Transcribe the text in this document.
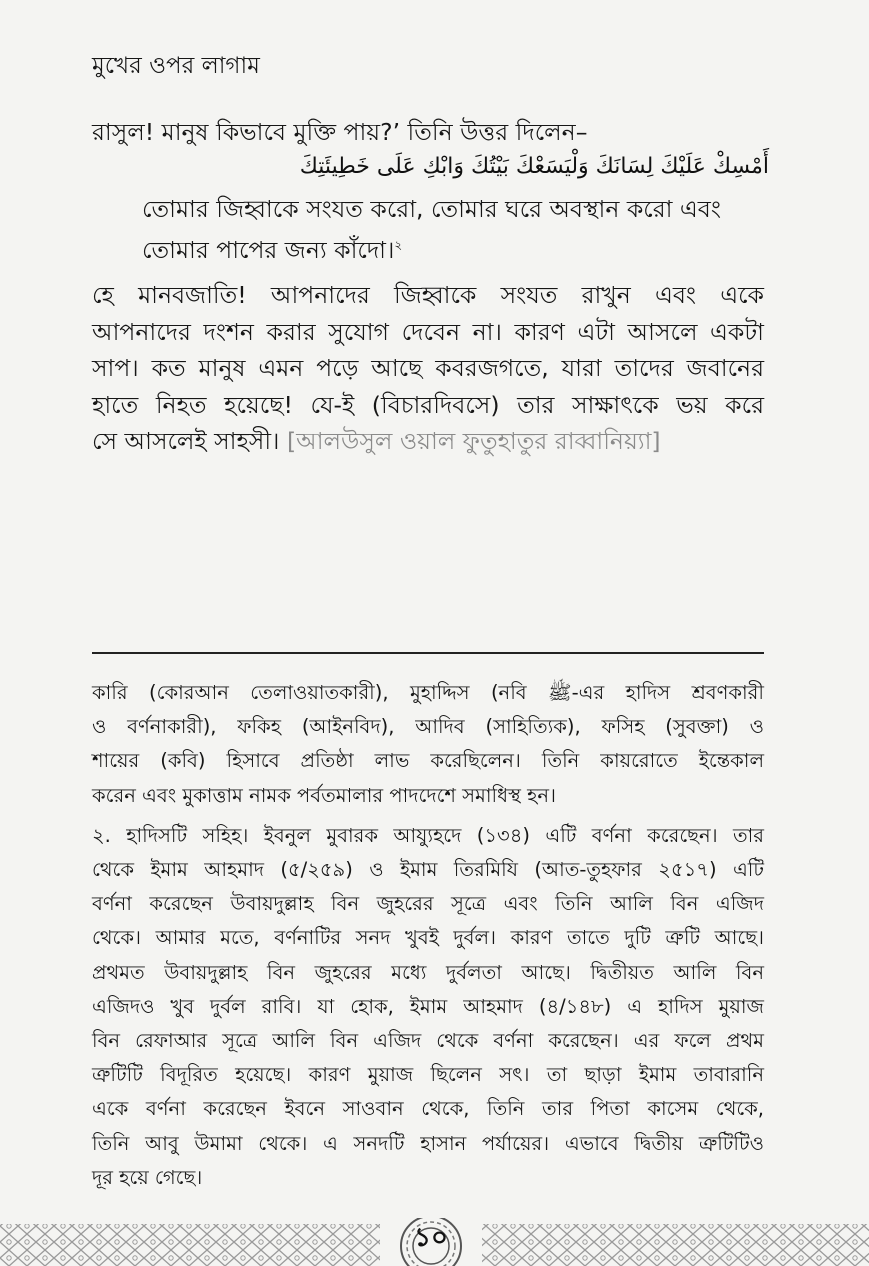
মুখের ওপর লাগাম
রাসুল! মানুষ কিভাবে মুক্তি পায়?’ তিনি উত্তর দিলেন–
أَمْسِكْ عَلَيْكَ لِسَانَكَ وَلْيَسَعْكَ بَيْتُكَ وَابْكِ عَلَى خَطِيئَتِكَ
তোমার জিহ্বাকে সংযত করো, তোমার ঘরে অবস্থান করো এবং
তোমার পাপের জন্য কাঁদো।$^২$
হে মানবজাতি! আপনাদের জিহ্বাকে সংযত রাখুন এবং একে
আপনাদের দংশন করার সুযোগ দেবেন না। কারণ এটা আসলে একটা
সাপ। কত মানুষ এমন পড়ে আছে কবরজগতে, যারা তাদের জবানের
হাতে নিহত হয়েছে! যে-ই (বিচারদিবসে) তার সাক্ষাৎকে ভয় করে
সে আসলেই সাহসী। [আলউসুল ওয়াল ফুতুহাতুর রাব্বানিয়্যা]
কারি (কোরআন তেলাওয়াতকারী), মুহাদ্দিস (নবি ﷺ-এর হাদিস শ্রবণকারী
ও বর্ণনাকারী), ফকিহ (আইনবিদ), আদিব (সাহিত্যিক), ফসিহ (সুবক্তা) ও
শায়ের (কবি) হিসাবে প্রতিষ্ঠা লাভ করেছিলেন। তিনি কায়রোতে ইন্তেকাল
করেন এবং মুকাত্তাম নামক পর্বতমালার পাদদেশে সমাধিস্থ হন।
২. হাদিসটি সহিহ। ইবনুল মুবারক আয্যুহদে (১৩৪) এটি বর্ণনা করেছেন। তার
থেকে ইমাম আহমাদ (৫/২৫৯) ও ইমাম তিরমিযি (আত-তুহফার ২৫১৭) এটি
বর্ণনা করেছেন উবায়দুল্লাহ বিন জুহরের সূত্রে এবং তিনি আলি বিন এজিদ
থেকে। আমার মতে, বর্ণনাটির সনদ খুবই দুর্বল। কারণ তাতে দুটি ত্রুটি আছে।
প্রথমত উবায়দুল্লাহ বিন জুহরের মধ্যে দুর্বলতা আছে। দ্বিতীয়ত আলি বিন
এজিদও খুব দুর্বল রাবি। যা হোক, ইমাম আহমাদ (৪/১৪৮) এ হাদিস মুয়াজ
বিন রেফাআর সূত্রে আলি বিন এজিদ থেকে বর্ণনা করেছেন। এর ফলে প্রথম
ত্রুটিটি বিদূরিত হয়েছে। কারণ মুয়াজ ছিলেন সৎ। তা ছাড়া ইমাম তাবারানি
একে বর্ণনা করেছেন ইবনে সাওবান থেকে, তিনি তার পিতা কাসেম থেকে,
তিনি আবু উমামা থেকে। এ সনদটি হাসান পর্যায়ের। এভাবে দ্বিতীয় ত্রুটিটিও
দূর হয়ে গেছে।
১০
